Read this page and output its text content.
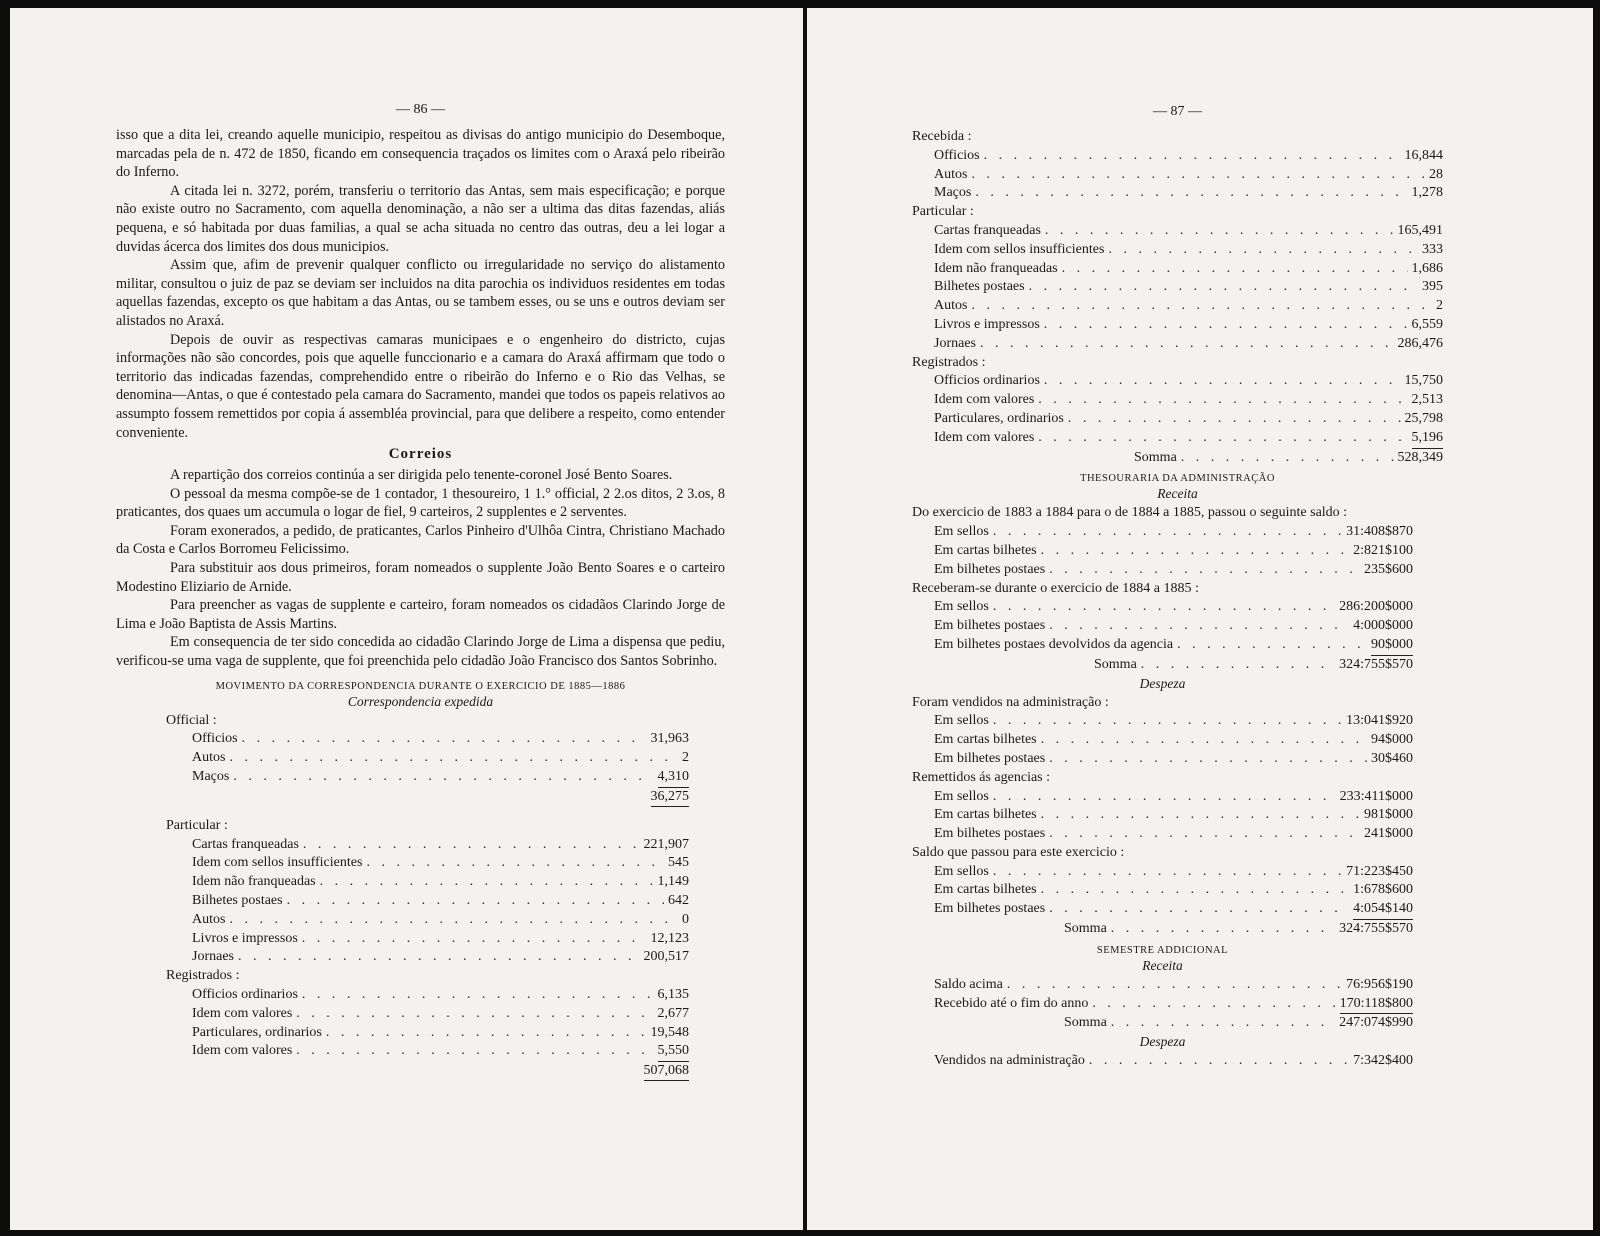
— 86 —

isso que a dita lei, creando aquelle municipio, respeitou as divisas do antigo municipio do Desemboque, marcadas pela de n. 472 de 1850, ficando em consequencia traçados os limites com o Araxá pelo ribeirão do Inferno.

A citada lei n. 3272, porém, transferiu o territorio das Antas, sem mais especificação; e porque não existe outro no Sacramento, com aquella denominação, a não ser a ultima das ditas fazendas, aliás pequena, e só habitada por duas familias, a qual se acha situada no centro das outras, deu a lei logar a duvidas ácerca dos limites dos dous municipios.

Assim que, afim de prevenir qualquer conflicto ou irregularidade no serviço do alistamento militar, consultou o juiz de paz se deviam ser incluidos na dita parochia os individuos residentes em todas aquellas fazendas, excepto os que habitam a das Antas, ou se tambem esses, ou se uns e outros deviam ser alistados no Araxá.

Depois de ouvir as respectivas camaras municipaes e o engenheiro do districto, cujas informações não são concordes, pois que aquelle funccionario e a camara do Araxá affirmam que todo o territorio das indicadas fazendas, comprehendido entre o ribeirão do Inferno e o Rio das Velhas, se denomina—Antas, o que é contestado pela camara do Sacramento, mandei que todos os papeis relativos ao assumpto fossem remettidos por copia á assembléa provincial, para que delibere a respeito, como entender conveniente.

Correios

A repartição dos correios continúa a ser dirigida pelo tenente-coronel José Bento Soares.

O pessoal da mesma compõe-se de 1 contador, 1 thesoureiro, 1 1.° official, 2 2.os ditos, 2 3.os, 8 praticantes, dos quaes um accumula o logar de fiel, 9 carteiros, 2 supplentes e 2 serventes.

Foram exonerados, a pedido, de praticantes, Carlos Pinheiro d'Ulhôa Cintra, Christiano Machado da Costa e Carlos Borromeu Felicissimo.

Para substituir aos dous primeiros, foram nomeados o supplente João Bento Soares e o carteiro Modestino Eliziario de Arnide.

Para preencher as vagas de supplente e carteiro, foram nomeados os cidadãos Clarindo Jorge de Lima e João Baptista de Assis Martins.

Em consequencia de ter sido concedida ao cidadão Clarindo Jorge de Lima a dispensa que pediu, verificou-se uma vaga de supplente, que foi preenchida pelo cidadão João Francisco dos Santos Sobrinho.

MOVIMENTO DA CORRESPONDENCIA DURANTE O EXERCICIO DE 1885—1886
Correspondencia expedida
Official :
Officios . . .	31,963
Autos . . .	2
Maços . . .	4,310
36,275
Particular :
Cartas franqueadas . . .	221,907
Idem com sellos insufficientes . . .	545
Idem não franqueadas . . .	1,149
Bilhetes postaes . . .	642
Autos . . .	0
Livros e impressos . . .	12,123
Jornaes . . .	200,517
Registrados :
Officios ordinarios . . .	6,135
Idem com valores . . .	2,677
Particulares, ordinarios . . .	19,548
Idem com valores . . .	5,550
507,068
— 87 —
Recebida :
Officios . . .	16,844
Autos . . .	28
Maços . . .	1,278
Particular :
Cartas franqueadas . . .	165,491
Idem com sellos insufficientes . . .	333
Idem não franqueadas . . .	1,686
Bilhetes postaes . . .	395
Autos . . .	2
Livros e impressos . . .	6,559
Jornaes . . .	286,476
Registrados :
Officios ordinarios . . .	15,750
Idem com valores . . .	2,513
Particulares, ordinarios . . .	25,798
Idem com valores . . .	5,196
Somma . . .	528,349
THESOURARIA DA ADMINISTRAÇÃO
Receita
Do exercicio de 1883 a 1884 para o de 1884 a 1885, passou o seguinte saldo :
Em sellos . . .	31:408$870
Em cartas bilhetes . . .	2:821$100
Em bilhetes postaes . . .	235$600
Receberam-se durante o exercicio de 1884 a 1885 :
Em sellos . . .	286:200$000
Em bilhetes postaes . . .	4:000$000
Em bilhetes postaes devolvidos da agencia . . .	90$000
Somma . . .	324:755$570
Despeza
Foram vendidos na administração :
Em sellos . . .	13:041$920
Em cartas bilhetes . . .	94$000
Em bilhetes postaes . . .	30$460
Remettidos ás agencias :
Em sellos . . .	233:411$000
Em cartas bilhetes . . .	981$000
Em bilhetes postaes . . .	241$000
Saldo que passou para este exercicio :
Em sellos . . .	71:223$450
Em cartas bilhetes . . .	1:678$600
Em bilhetes postaes . . .	4:054$140
Somma . . .	324:755$570
SEMESTRE ADDICIONAL
Receita
Saldo acima . . .	76:956$190
Recebido até o fim do anno . . .	170:118$800
Somma . . .	247:074$990
Despeza
Vendidos na administração . . .	7:342$400
